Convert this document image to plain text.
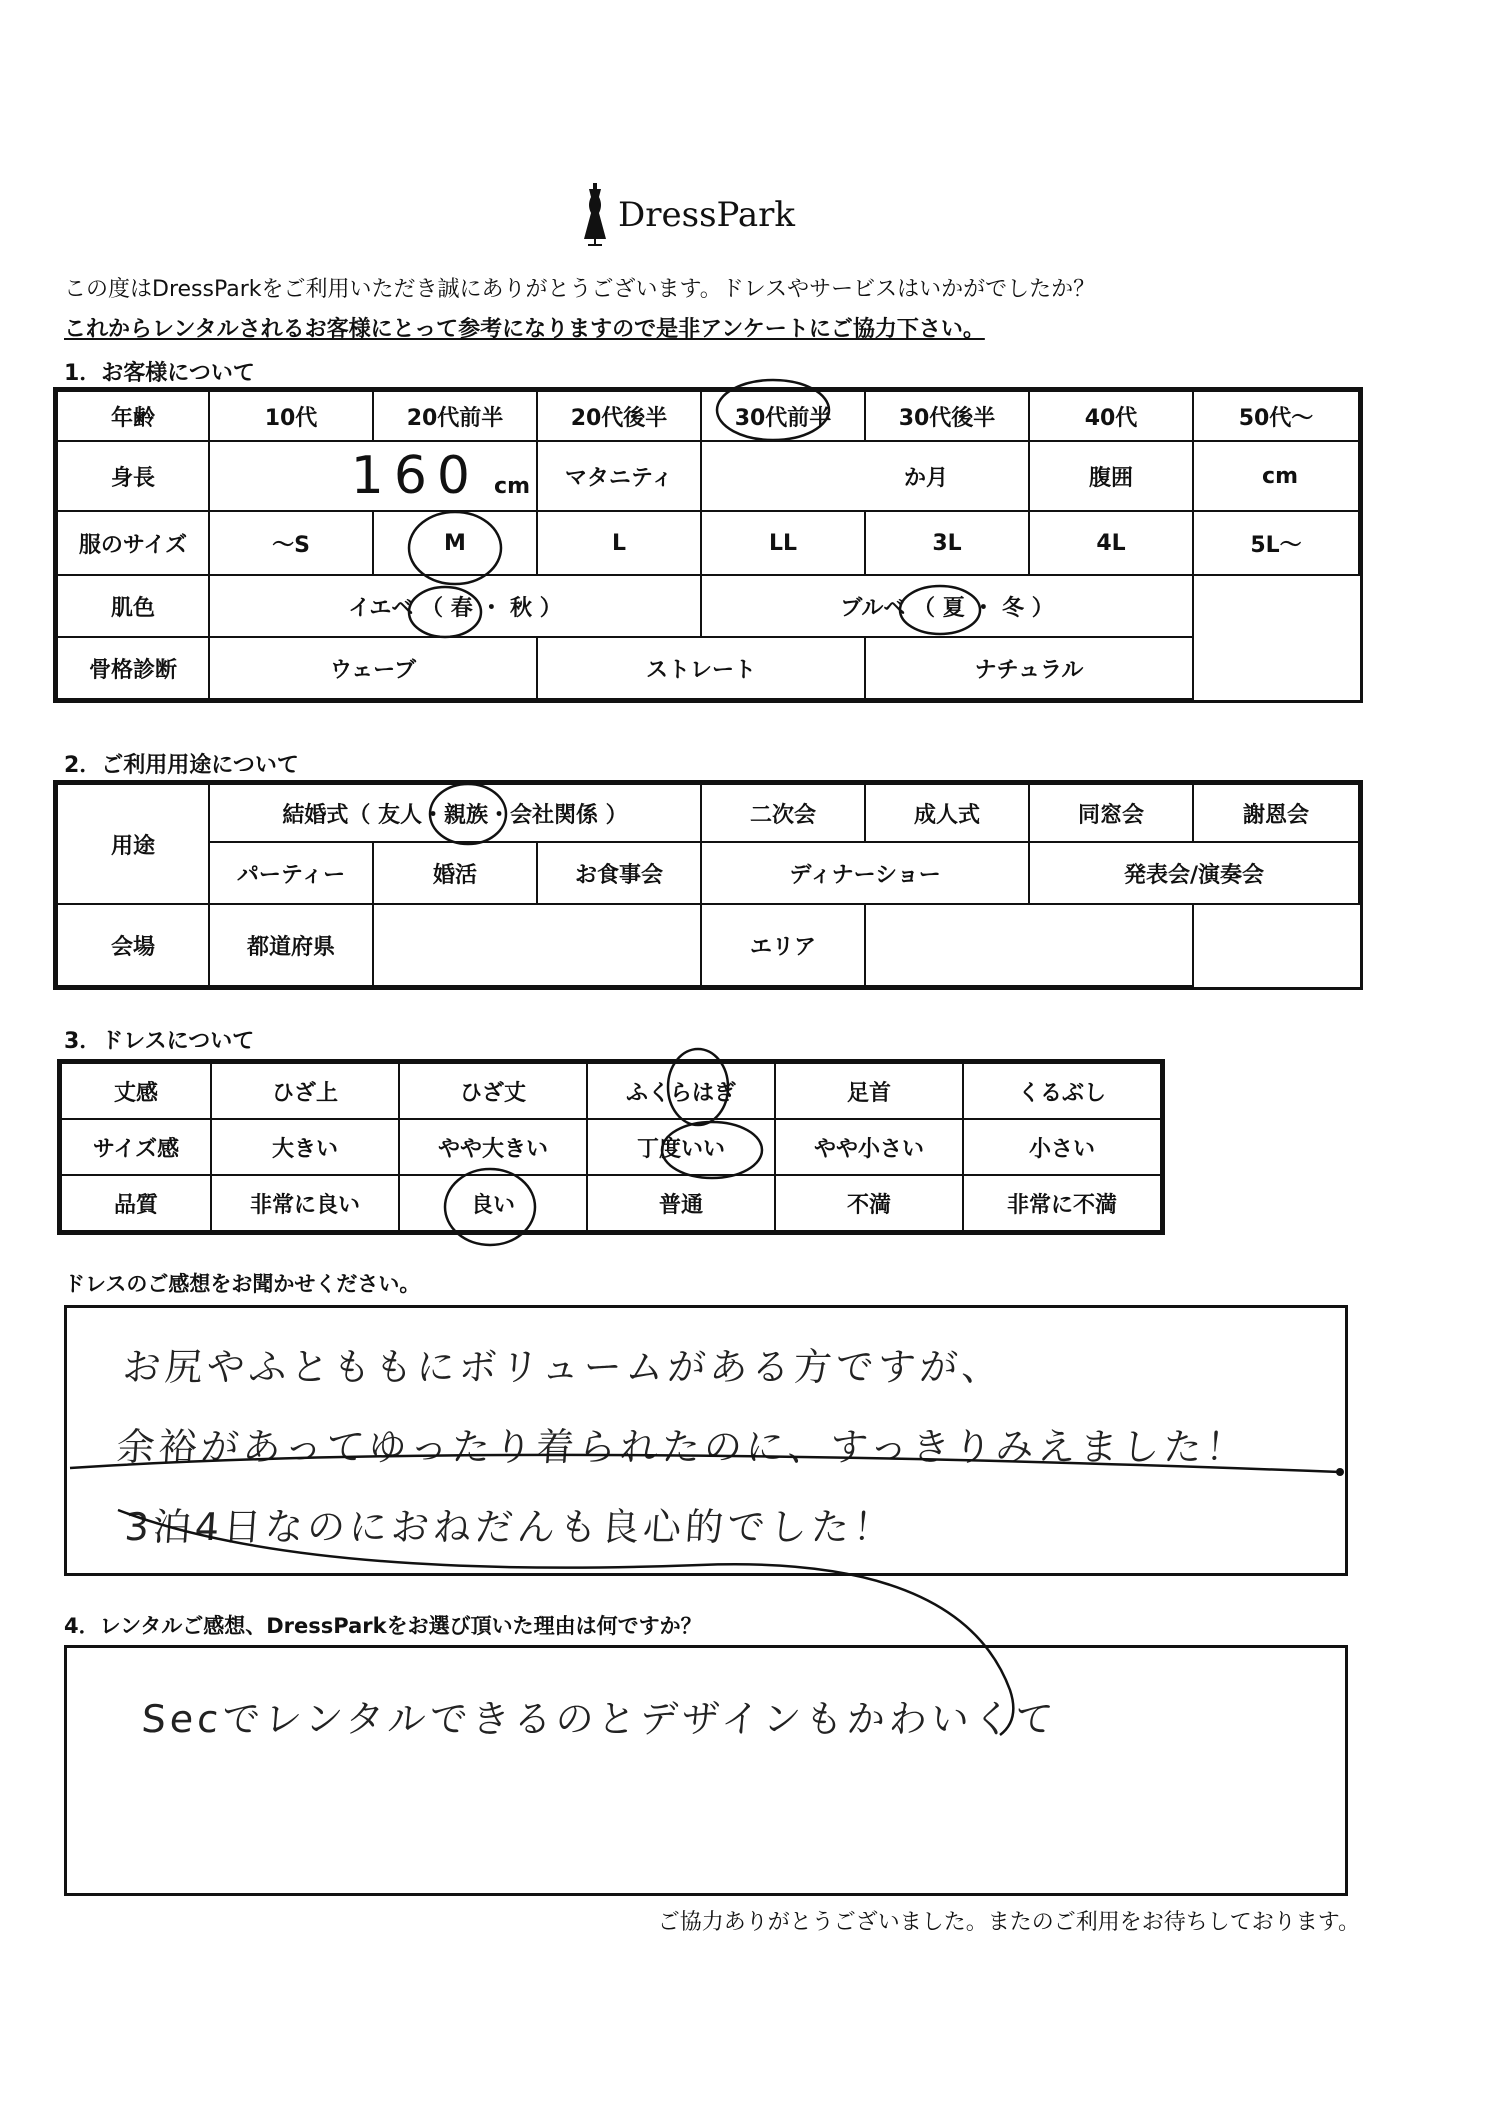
DressPark
この度はDressParkをご利用いただき誠にありがとうございます。ドレスやサービスはいかがでしたか？
これからレンタルされるお客様にとって参考になりますので是非アンケートにご協力下さい。
1．お客様について
年齢	10代	20代前半	20代後半	30代前半	30代後半	40代	50代～
身長	160 cm		マタニティ	か月		腹囲	cm
服のサイズ	～S	M	L	LL	3L	4L	5L～
肌色	イエベ （ 春 ・ 秋 ）			ブルベ （ 夏 ・ 冬 ）			
骨格診断	ウェーブ		ストレート		ナチュラル		
2．ご利用用途について
用途	結婚式（ 友人・親族・会社関係 ）			二次会	成人式	同窓会	謝恩会
	パーティー	婚活	お食事会	ディナーショー		発表会/演奏会	
会場	都道府県			エリア			
3．ドレスについて
丈感	ひざ上	ひざ丈	ふくらはぎ	足首	くるぶし
サイズ感	大きい	やや大きい	丁度いい	やや小さい	小さい
品質	非常に良い	良い	普通	不満	非常に不満
ドレスのご感想をお聞かせください。
お尻やふとももにボリュームがある方ですが、
余裕があってゆったり着られたのに、すっきりみえました！
3泊4日なのにおねだんも良心的でした！
4．レンタルご感想、DressParkをお選び頂いた理由は何ですか？
Secでレンタルできるのとデザインもかわいくて
ご協力ありがとうございました。またのご利用をお待ちしております。
